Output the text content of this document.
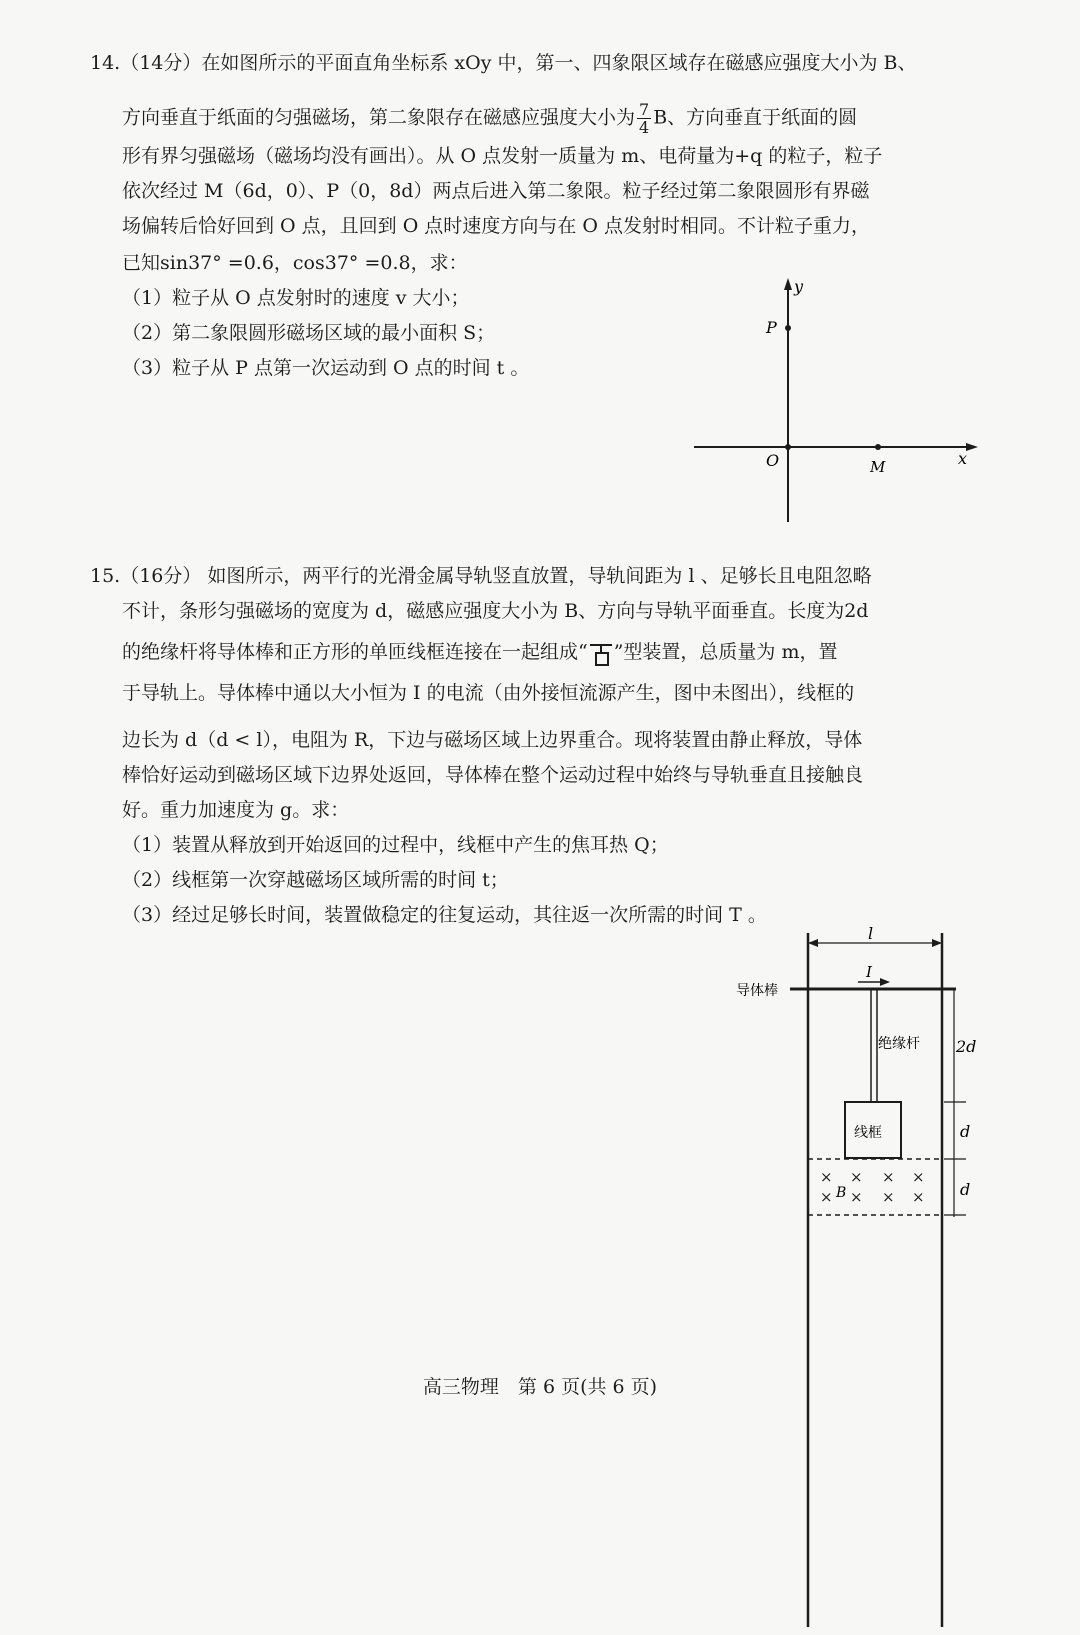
14.（14分）在如图所示的平面直角坐标系 xOy 中，第一、四象限区域存在磁感应强度大小为 B、
方向垂直于纸面的匀强磁场，第二象限存在磁感应强度大小为 $\frac{7}{4}$ B、方向垂直于纸面的圆
形有界匀强磁场（磁场均没有画出）。从 O 点发射一质量为 m、电荷量为+q 的粒子，粒子
依次经过 M（6d，0）、P（0，8d）两点后进入第二象限。粒子经过第二象限圆形有界磁
场偏转后恰好回到 O 点，且回到 O 点时速度方向与在 O 点发射时相同。不计粒子重力，
已知sin37° =0.6，cos37° =0.8，求：
（1）粒子从 O 点发射时的速度 v 大小；
（2）第二象限圆形磁场区域的最小面积 S；
（3）粒子从 P 点第一次运动到 O 点的时间 t 。
y
P
O	M	x
15.（16分） 如图所示，两平行的光滑金属导轨竖直放置，导轨间距为 l 、足够长且电阻忽略
不计，条形匀强磁场的宽度为 d，磁感应强度大小为 B、方向与导轨平面垂直。长度为2d
的绝缘杆将导体棒和正方形的单匝线框连接在一起组成“ ”型装置，总质量为 m，置
于导轨上。导体棒中通以大小恒为 I 的电流（由外接恒流源产生，图中未图出），线框的
边长为 d（d < l），电阻为 R，下边与磁场区域上边界重合。现将装置由静止释放，导体
棒恰好运动到磁场区域下边界处返回，导体棒在整个运动过程中始终与导轨垂直且接触良
好。重力加速度为 g。求：
（1）装置从释放到开始返回的过程中，线框中产生的焦耳热 Q；
（2）线框第一次穿越磁场区域所需的时间 t；
（3）经过足够长时间，装置做稳定的往复运动，其往返一次所需的时间 T 。
l
导体棒
I
绝缘杆
线框
× × × ×
× × × ×
B
2d
d
d
高三物理　第 6 页(共 6 页)
